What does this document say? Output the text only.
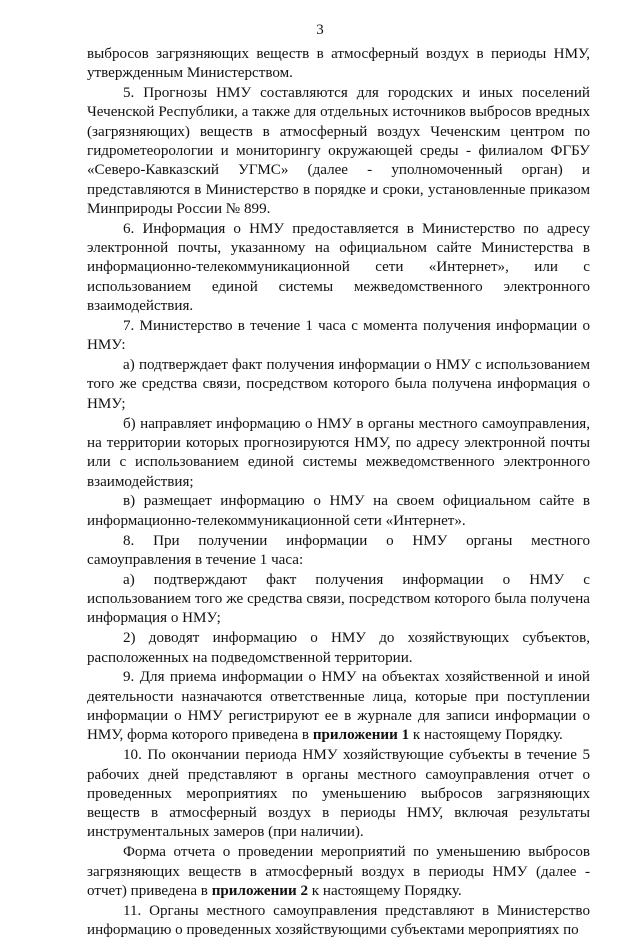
3

выбросов загрязняющих веществ в атмосферный воздух в периоды НМУ, утвержденным Министерством.

5. Прогнозы НМУ составляются для городских и иных поселений Чеченской Республики, а также для отдельных источников выбросов вредных (загрязняющих) веществ в атмосферный воздух Чеченским центром по гидрометеорологии и мониторингу окружающей среды - филиалом ФГБУ «Северо-Кавказский УГМС» (далее - уполномоченный орган) и представляются в Министерство в порядке и сроки, установленные приказом Минприроды России № 899.

6. Информация о НМУ предоставляется в Министерство по адресу электронной почты, указанному на официальном сайте Министерства в информационно-телекоммуникационной сети «Интернет», или с использованием единой системы межведомственного электронного взаимодействия.

7. Министерство в течение 1 часа с момента получения информации о НМУ:

а) подтверждает факт получения информации о НМУ с использованием того же средства связи, посредством которого была получена информация о НМУ;

б) направляет информацию о НМУ в органы местного самоуправления, на территории которых прогнозируются НМУ, по адресу электронной почты или с использованием единой системы межведомственного электронного взаимодействия;

в) размещает информацию о НМУ на своем официальном сайте в информационно-телекоммуникационной сети «Интернет».

8. При получении информации о НМУ органы местного самоуправления в течение 1 часа:

а) подтверждают факт получения информации о НМУ с использованием того же средства связи, посредством которого была получена информация о НМУ;

2) доводят информацию о НМУ до хозяйствующих субъектов, расположенных на подведомственной территории.

9. Для приема информации о НМУ на объектах хозяйственной и иной деятельности назначаются ответственные лица, которые при поступлении информации о НМУ регистрируют ее в журнале для записи информации о НМУ, форма которого приведена в приложении 1 к настоящему Порядку.

10. По окончании периода НМУ хозяйствующие субъекты в течение 5 рабочих дней представляют в органы местного самоуправления отчет о проведенных мероприятиях по уменьшению выбросов загрязняющих веществ в атмосферный воздух в периоды НМУ, включая результаты инструментальных замеров (при наличии).

Форма отчета о проведении мероприятий по уменьшению выбросов загрязняющих веществ в атмосферный воздух в периоды НМУ (далее - отчет) приведена в приложении 2 к настоящему Порядку.

11. Органы местного самоуправления представляют в Министерство информацию о проведенных хозяйствующими субъектами мероприятиях по
